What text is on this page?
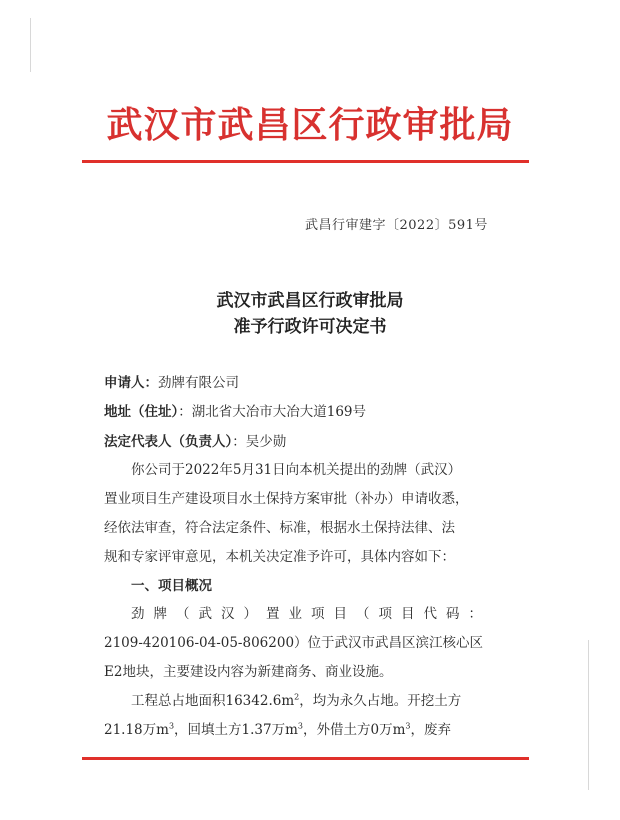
武汉市武昌区行政审批局
武昌行审建字〔2022〕591号
武汉市武昌区行政审批局
准予行政许可决定书
申请人：劲牌有限公司
地址（住址）：湖北省大冶市大冶大道169号
法定代表人（负责人）：吴少勋
你公司于2022年5月31日向本机关提出的劲牌（武汉）
置业项目生产建设项目水土保持方案审批（补办）申请收悉，
经依法审查，符合法定条件、标准，根据水土保持法律、法
规和专家评审意见，本机关决定准予许可，具体内容如下：
一、项目概况
劲牌（武汉）置业项目（项目代码：
2109-420106-04-05-806200）位于武汉市武昌区滨江核心区
E2地块，主要建设内容为新建商务、商业设施。
工程总占地面积$16342.6m^2$，均为永久占地。开挖土方
21.18万$m^3$，回填土方1.37万$m^3$，外借土方0万$m^3$，废弃
